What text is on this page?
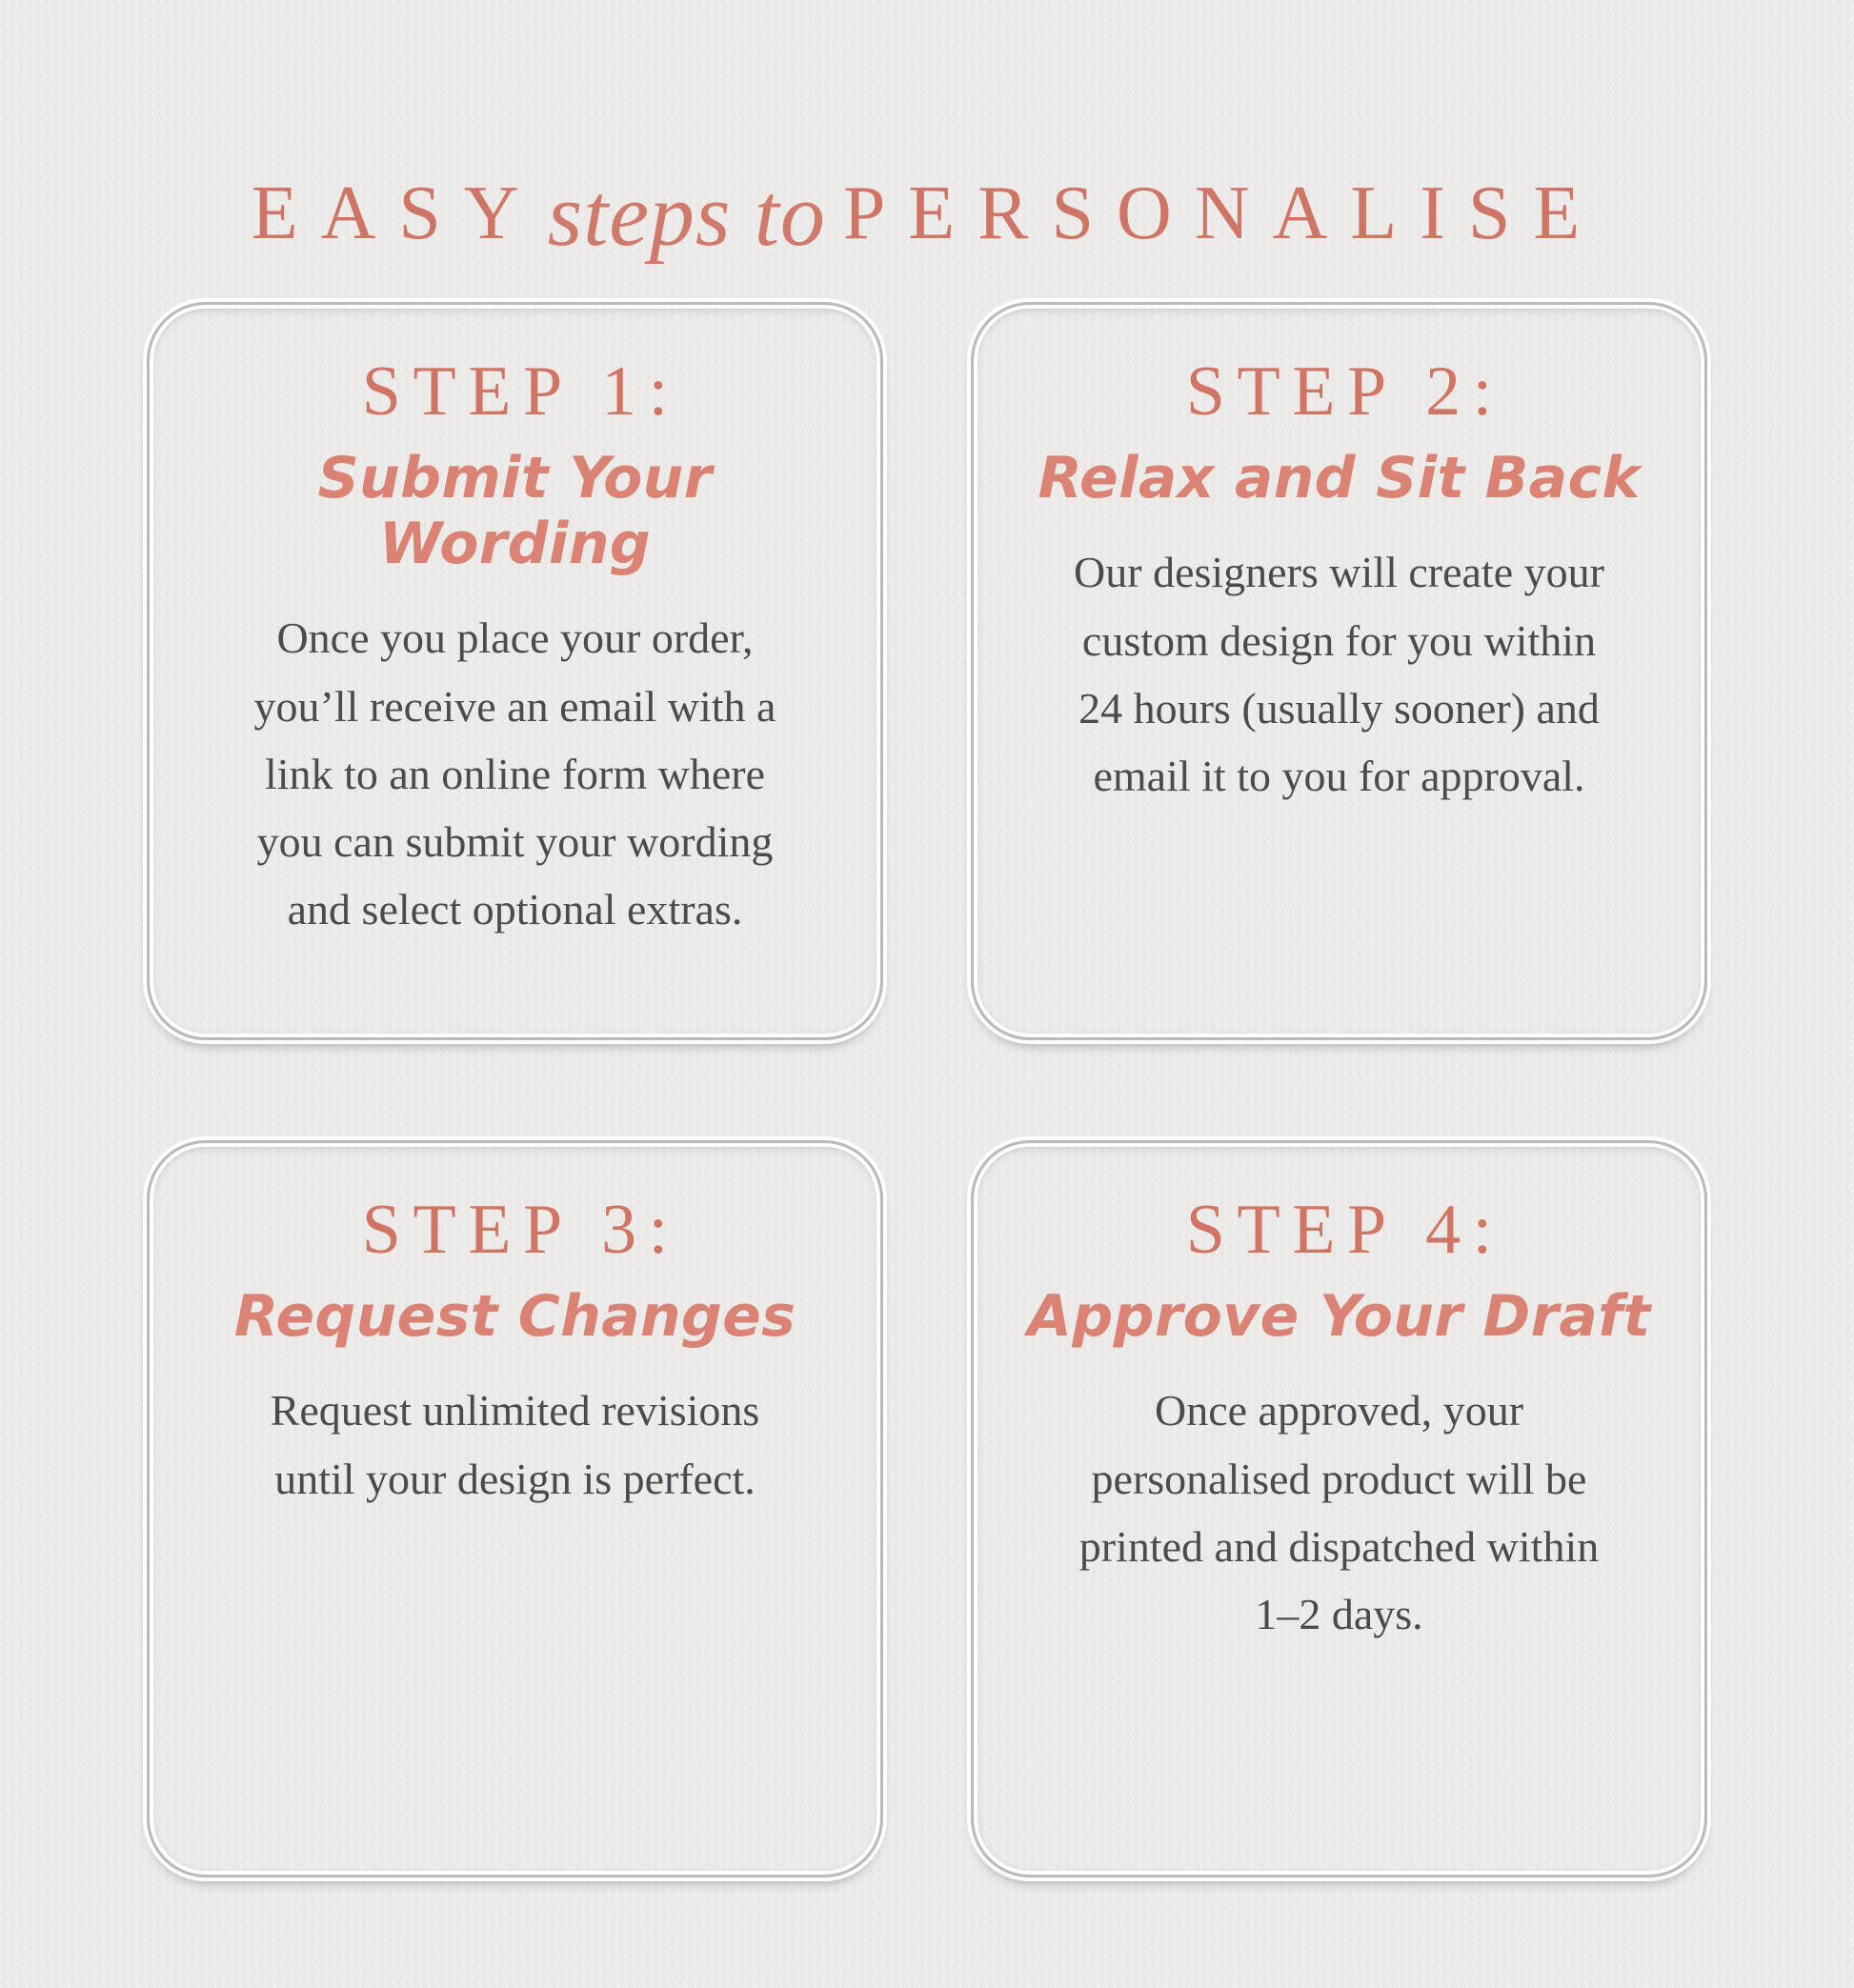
EASY steps to PERSONALISE
STEP 1:
Submit Your Wording

Once you place your order, you’ll receive an email with a link to an online form where you can submit your wording and select optional extras.

STEP 2:
Relax and Sit Back

Our designers will create your custom design for you within 24 hours (usually sooner) and email it to you for approval.

STEP 3:
Request Changes

Request unlimited revisions until your design is perfect.

STEP 4:
Approve Your Draft

Once approved, your personalised product will be printed and dispatched within 1–2 days.
